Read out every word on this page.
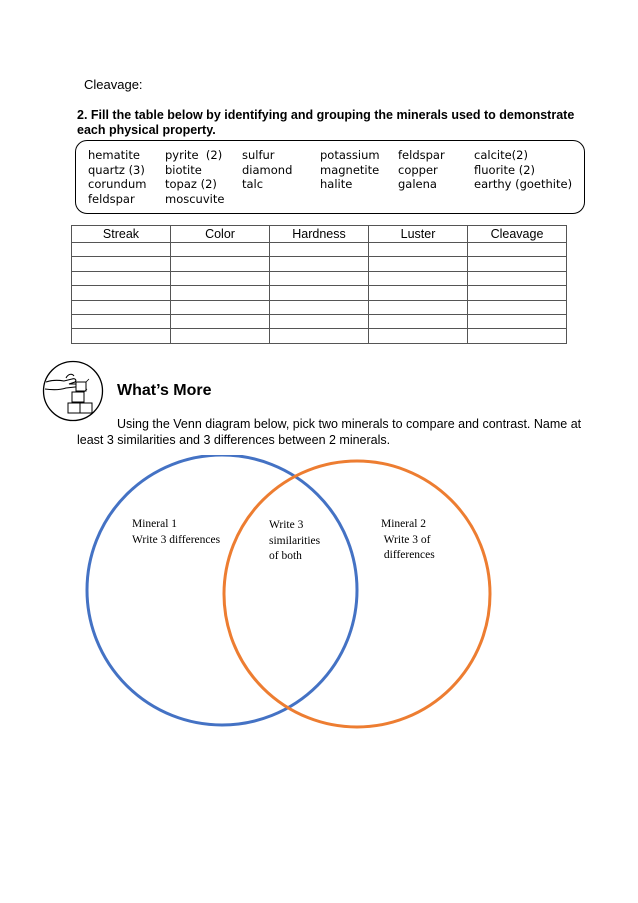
Cleavage:
2. Fill the table below by identifying and grouping the minerals used to demonstrate each physical property.
hematite
quartz (3)
corundum
feldspar
pyrite  (2)
biotite
topaz (2)
moscuvite
sulfur
diamond
talc
potassium
magnetite
halite
feldspar
copper
galena
calcite(2)
fluorite (2)
earthy (goethite)
Streak	Color	Hardness	Luster	Cleavage

What’s More
Using the Venn diagram below, pick two minerals to compare and contrast. Name at least 3 similarities and 3 differences between 2 minerals.
Mineral 1
Write 3 differences
Write 3
similarities
of both
Mineral 2
Write 3 of
differences
